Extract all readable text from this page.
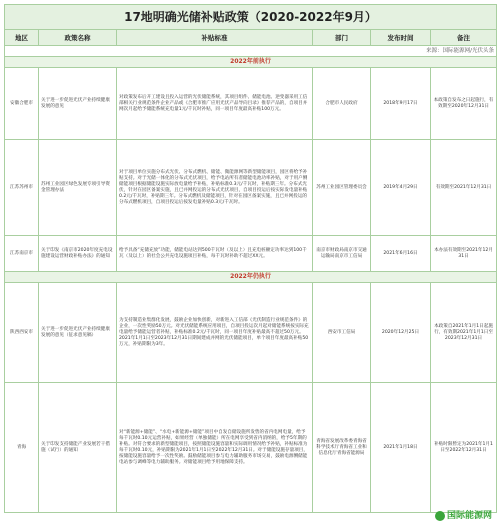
17地明确光储补贴政策（2020-2022年9月）					
地区	政策名称	补贴标准	部门	发布时间	备注
来源：国际能源网/光伏头条					
2022年前执行					
安徽合肥市	关于进一步促进光伏产业持续健康发展的意见	对政策发布后开工建设且投入运营的光伏储能系统，其项目组件、储能电池、逆变器采用工信部相关行业规范条件企业产品或《合肥市推广应用光伏产品导向目录》推荐产品的，自项目并网次月起给予储能系统充电量1元/千瓦时补贴，同一项目年度最高补贴100万元。	合肥市人民政府	2018年9月17日	本政策自发布之日起施行，有效期至2020年12月31日
江苏苏州市	苏州工业园区绿色发展专项引导资金管理办法	对于项目单位实施分布式光伏、分布式燃机、储能、微能源网等新型储能项目，园区将给予补贴支持。对于光储一体化的分布式光伏项目，给予电站所有者储能电池功率补贴，对于用户侧储能项目根据储能设施实际放电量给予补贴，补贴标准0.3元/千瓦时，补贴期三年。分布式光伏，针对在园区备案实施，且已并网投运的分布式光伏项目，自项目投运后按实际发电量补贴0.2元/千瓦时，补贴期三年。分布式燃机及储能项目，针对在园区备案实施，且已并网投运的分布式燃机项目，自项目投运后按发电量补贴0.3元/千瓦时。	苏州工业园区管理委员会	2019年4月29日	有效期至2021年12月31日
江苏南京市	关于印发《南京市2020年度充电设施建设运营财政补贴办法》的通知	给予具备“充储充放”功能，储能电站达到500千瓦时（及以上）且充电桩额定功率达到100千瓦（及以上）的社会公共充电设施项目补贴，每千瓦时补助不超过XX元。	南京市财政局南京市交通运输局南京市工信局	2021年6月16日	本办法有效期至2021年12月31日
2022年仍执行					
陕西西安市	关于进一步促进光伏产业持续健康发展的意见（征求意见稿）	为支持制造业集群化发展，鼓励企业加快创新，对新进入工信部《光伏制造行业规范条件》的企业，一次性奖励50万元。对光伏储能系统应用项目，自项目投运次月起对储能系统按实际充电量给予储能运营者补贴，补贴标准0.2元/千瓦时，同一项目年度补贴最高不超过50万元。2021年1月1日至2023年12月31日期间建成并网的光伏储能项目，单个项目年度最高补贴50万元，补贴期限为3年。	西安市工信局	2020年12月25日	本政策自2021年1月1日起施行，有效期2021年1月1日至2023年12月31日
青海	关于印发支持储能产业发展若干措施（试行）的通知	对“新能源+储能”、“水电+新能源+储能”项目中自发自储设施所发售的省内电网电量，给予每千瓦时0.10元运营补贴，如果经营（单独储能）所在电网享受到省内消纳的，给予5年期的补贴。对符合要求的新型储能项目，按照储能设施容量和实际调用情况给予补贴，补贴标准为每千瓦时0.10元，补贴期限为2021年1月1日至2022年12月31日。对于储能设施存量项目，按储能设施容量给予一次性奖励。鼓励储能项目参与电力辅助服务市场交易，鼓励电源侧储能电站参与调峰等电力辅助服务。对储能项目给予用地保障支持。	青海省发展改革委青海省科学技术厅青海省工业和信息化厅青海省能源局	2021年1月18日	补贴时限暂定为2021年1月1日至2022年12月31日
国际能源网
